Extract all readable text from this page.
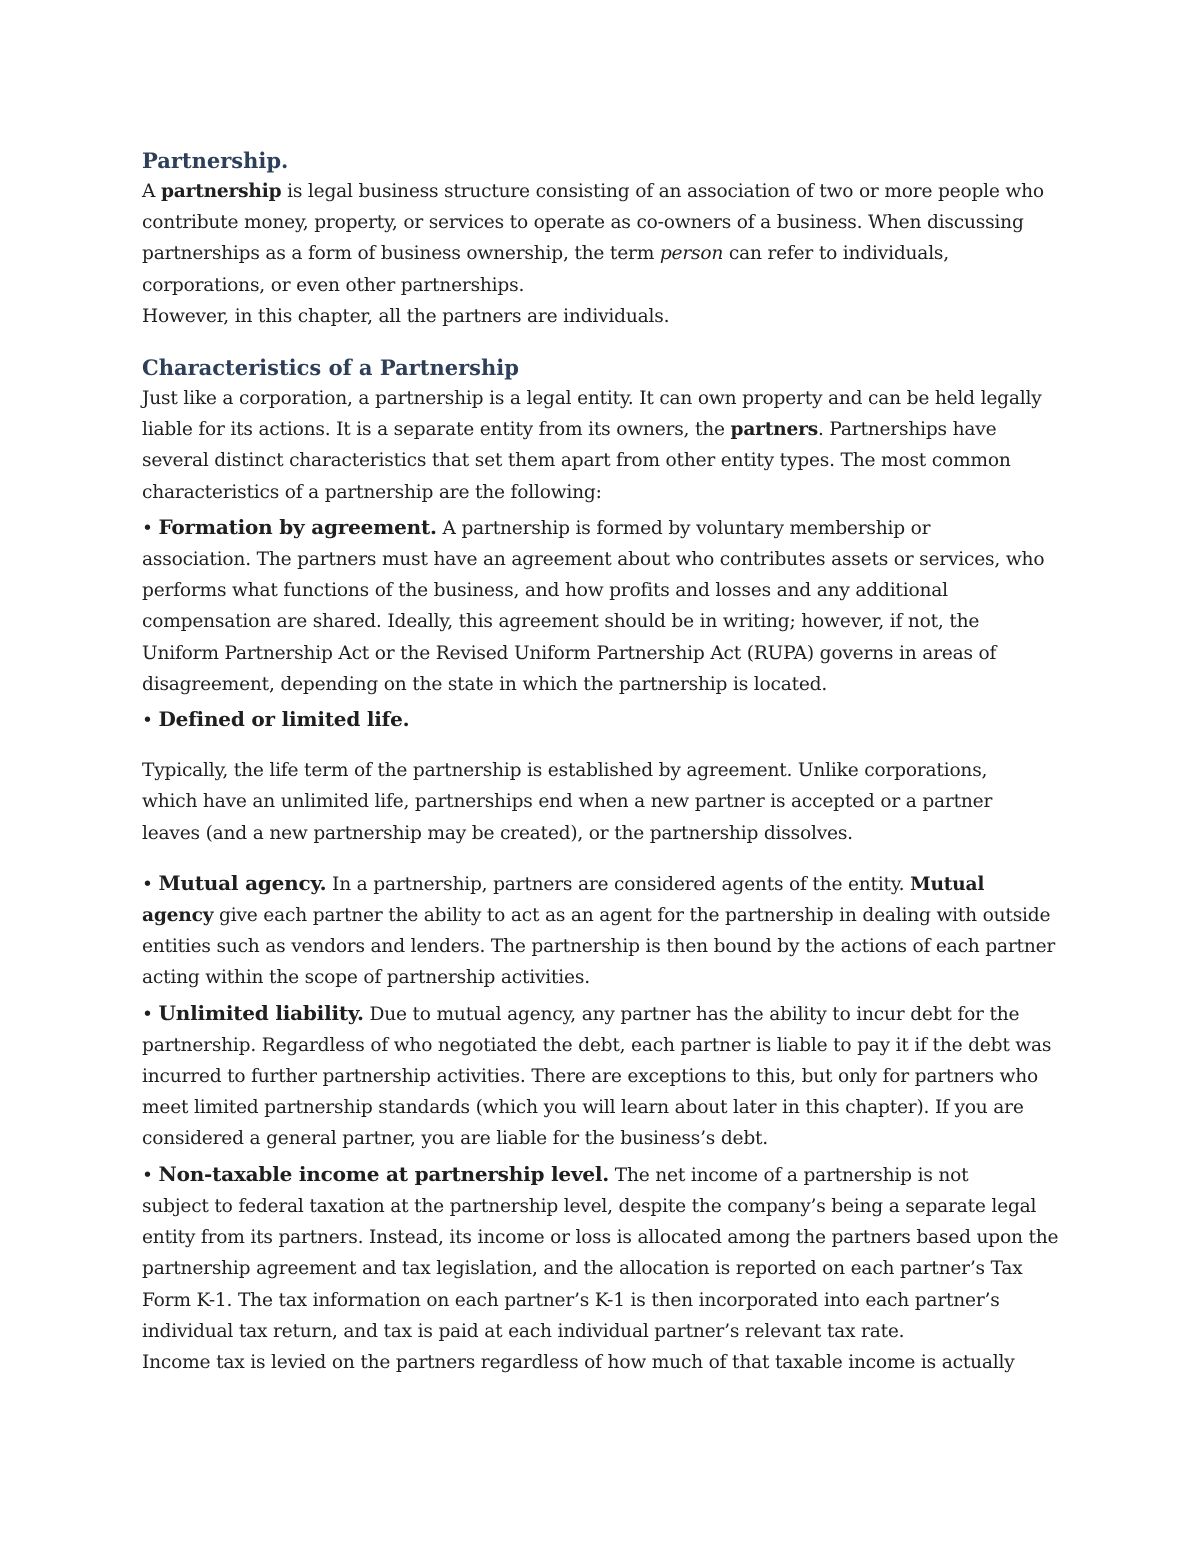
Partnership.

A partnership is legal business structure consisting of an association of two or more people who
contribute money, property, or services to operate as co-owners of a business. When discussing
partnerships as a form of business ownership, the term person can refer to individuals,
corporations, or even other partnerships.

However, in this chapter, all the partners are individuals.

Characteristics of a Partnership

Just like a corporation, a partnership is a legal entity. It can own property and can be held legally
liable for its actions. It is a separate entity from its owners, the partners. Partnerships have
several distinct characteristics that set them apart from other entity types. The most common
characteristics of a partnership are the following:

• Formation by agreement. A partnership is formed by voluntary membership or
association. The partners must have an agreement about who contributes assets or services, who
performs what functions of the business, and how profits and losses and any additional
compensation are shared. Ideally, this agreement should be in writing; however, if not, the
Uniform Partnership Act or the Revised Uniform Partnership Act (RUPA) governs in areas of
disagreement, depending on the state in which the partnership is located.

• Defined or limited life.

Typically, the life term of the partnership is established by agreement. Unlike corporations,
which have an unlimited life, partnerships end when a new partner is accepted or a partner
leaves (and a new partnership may be created), or the partnership dissolves.

• Mutual agency. In a partnership, partners are considered agents of the entity. Mutual
agency give each partner the ability to act as an agent for the partnership in dealing with outside
entities such as vendors and lenders. The partnership is then bound by the actions of each partner
acting within the scope of partnership activities.

• Unlimited liability. Due to mutual agency, any partner has the ability to incur debt for the
partnership. Regardless of who negotiated the debt, each partner is liable to pay it if the debt was
incurred to further partnership activities. There are exceptions to this, but only for partners who
meet limited partnership standards (which you will learn about later in this chapter). If you are
considered a general partner, you are liable for the business’s debt.

• Non-taxable income at partnership level. The net income of a partnership is not
subject to federal taxation at the partnership level, despite the company’s being a separate legal
entity from its partners. Instead, its income or loss is allocated among the partners based upon the
partnership agreement and tax legislation, and the allocation is reported on each partner’s Tax
Form K-1. The tax information on each partner’s K-1 is then incorporated into each partner’s
individual tax return, and tax is paid at each individual partner’s relevant tax rate.
Income tax is levied on the partners regardless of how much of that taxable income is actually
